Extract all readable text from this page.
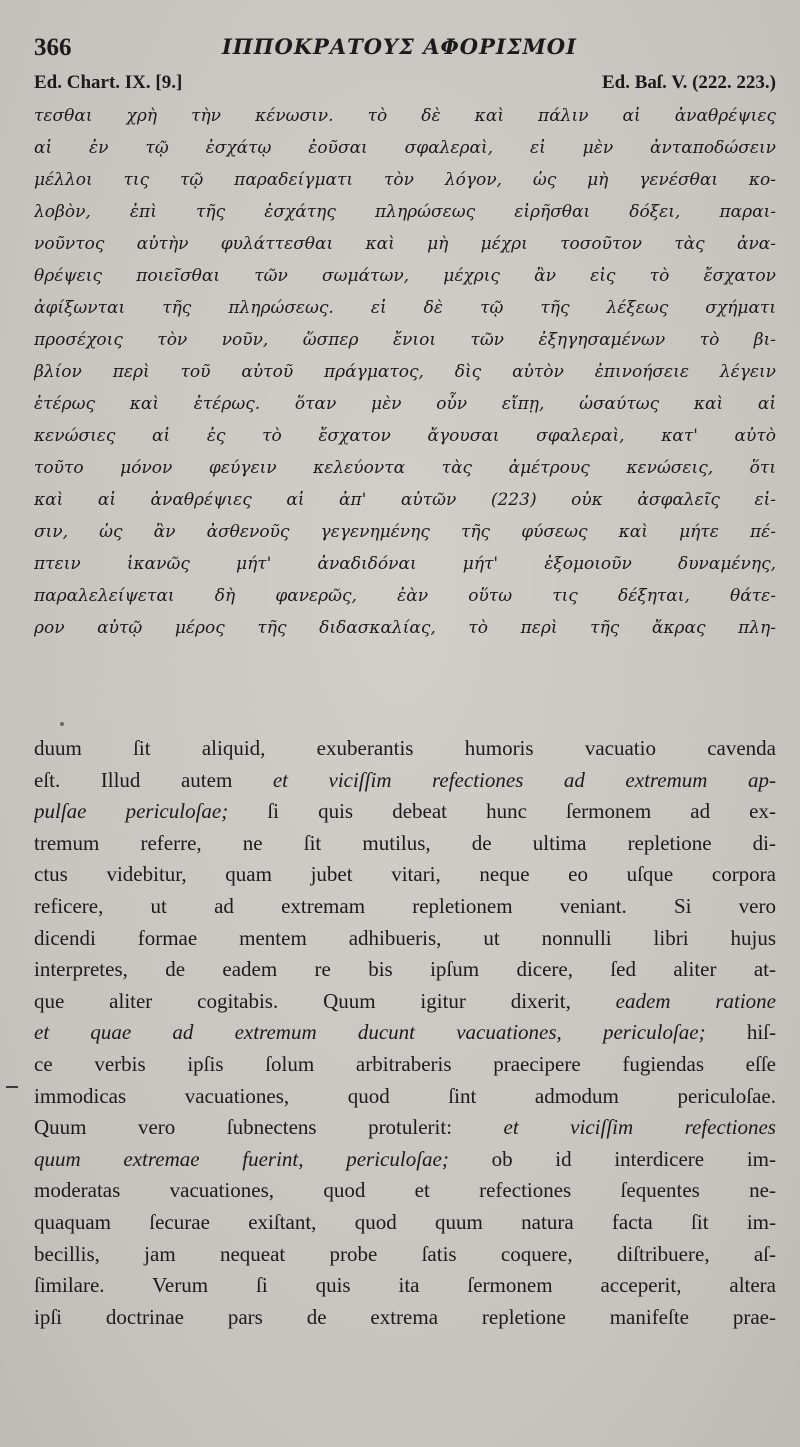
366	ΙΠΠΟΚΡΑΤΟΥΣ ΑΦΟΡΙΣΜΟΙ
Ed. Chart. IX. [9.]	Ed. Baſ. V. (222. 223.)
τεσθαι χρὴ τὴν κένωσιν. τὸ δὲ καὶ πάλιν αἱ ἀναθρέψιες
αἱ ἐν τῷ ἐσχάτῳ ἐοῦσαι σφαλεραὶ, εἰ μὲν ἀνταποδώσειν
μέλλοι τις τῷ παραδείγματι τὸν λόγον, ὡς μὴ γενέσθαι κο-
λοβὸν, ἐπὶ τῆς ἐσχάτης πληρώσεως εἰρῆσθαι δόξει, παραι-
νοῦντος αὐτὴν φυλάττεσθαι καὶ μὴ μέχρι τοσοῦτον τὰς ἀνα-
θρέψεις ποιεῖσθαι τῶν σωμάτων, μέχρις ἂν εἰς τὸ ἔσχατον
ἀφίξωνται τῆς πληρώσεως. εἰ δὲ τῷ τῆς λέξεως σχήματι
προσέχοις τὸν νοῦν, ὥσπερ ἔνιοι τῶν ἐξηγησαμένων τὸ βι-
βλίον περὶ τοῦ αὐτοῦ πράγματος, δὶς αὐτὸν ἐπινοήσειε λέγειν
ἑτέρως καὶ ἑτέρως. ὅταν μὲν οὖν εἴπῃ, ὡσαύτως καὶ αἱ
κενώσιες αἱ ἐς τὸ ἔσχατον ἄγουσαι σφαλεραὶ, κατ' αὐτὸ
τοῦτο μόνον φεύγειν κελεύοντα τὰς ἀμέτρους κενώσεις, ὅτι
καὶ αἱ ἀναθρέψιες αἱ ἀπ' αὐτῶν (223) οὐκ ἀσφαλεῖς εἰ-
σιν, ὡς ἂν ἀσθενοῦς γεγενημένης τῆς φύσεως καὶ μήτε πέ-
πτειν ἱκανῶς μήτ' ἀναδιδόναι μήτ' ἐξομοιοῦν δυναμένης,
παραλελείψεται δὴ φανερῶς, ἐὰν οὕτω τις δέξηται, θάτε-
ρον αὐτῷ μέρος τῆς διδασκαλίας, τὸ περὶ τῆς ἄκρας πλη-
duum ſit aliquid, exuberantis humoris vacuatio cavenda
eſt. Illud autem et viciſſim refectiones ad extremum ap-
pulſae periculoſae; ſi quis debeat hunc ſermonem ad ex-
tremum referre, ne ſit mutilus, de ultima repletione di-
ctus videbitur, quam jubet vitari, neque eo uſque corpora
reficere, ut ad extremam repletionem veniant. Si vero
dicendi formae mentem adhibueris, ut nonnulli libri hujus
interpretes, de eadem re bis ipſum dicere, ſed aliter at-
que aliter cogitabis. Quum igitur dixerit, eadem ratione
et quae ad extremum ducunt vacuationes, periculoſae; hiſ-
ce verbis ipſis ſolum arbitraberis praecipere fugiendas eſſe
immodicas vacuationes, quod ſint admodum periculoſae.
Quum vero ſubnectens protulerit: et viciſſim refectiones
quum extremae fuerint, periculoſae; ob id interdicere im-
moderatas vacuationes, quod et refectiones ſequentes ne-
quaquam ſecurae exiſtant, quod quum natura facta ſit im-
becillis, jam nequeat probe ſatis coquere, diſtribuere, aſ-
ſimilare. Verum ſi quis ita ſermonem acceperit, altera
ipſi doctrinae pars de extrema repletione manifeſte prae-
